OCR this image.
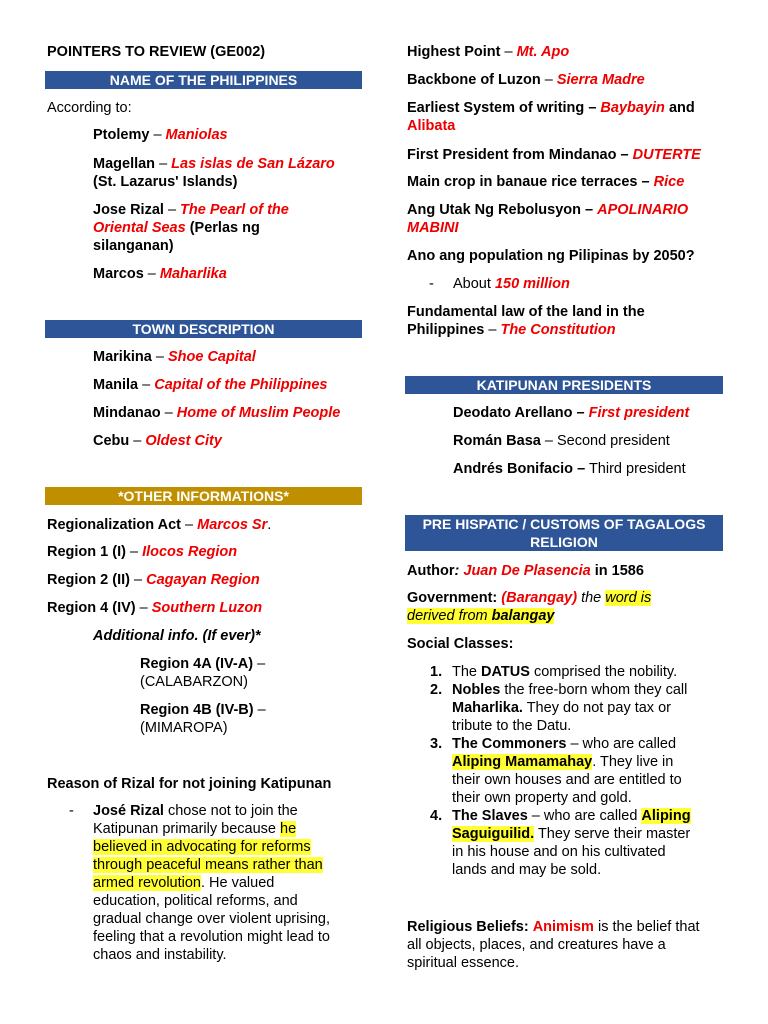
POINTERS TO REVIEW (GE002)
NAME OF THE PHILIPPINES
According to:
Ptolemy – Maniolas
Magellan – Las islas de San Lázaro
(St. Lazarus' Islands)
Jose Rizal – The Pearl of the
Oriental Seas (Perlas ng
silanganan)
Marcos – Maharlika
TOWN DESCRIPTION
Marikina – Shoe Capital
Manila – Capital of the Philippines
Mindanao – Home of Muslim People
Cebu – Oldest City
*OTHER INFORMATIONS*
Regionalization Act – Marcos Sr.
Region 1 (I) – Ilocos Region
Region 2 (II) – Cagayan Region
Region 4 (IV) – Southern Luzon
Additional info. (If ever)*
Region 4A (IV-A) –
(CALABARZON)
Region 4B (IV-B) –
(MIMAROPA)
Reason of Rizal for not joining Katipunan
- José Rizal chose not to join the
Katipunan primarily because he
believed in advocating for reforms
through peaceful means rather than
armed revolution. He valued
education, political reforms, and
gradual change over violent uprising,
feeling that a revolution might lead to
chaos and instability.
Highest Point – Mt. Apo
Backbone of Luzon – Sierra Madre
Earliest System of writing – Baybayin and
Alibata
First President from Mindanao – DUTERTE
Main crop in banaue rice terraces – Rice
Ang Utak Ng Rebolusyon – APOLINARIO
MABINI
Ano ang population ng Pilipinas by 2050?
- About 150 million
Fundamental law of the land in the
Philippines – The Constitution
KATIPUNAN PRESIDENTS
Deodato Arellano – First president
Román Basa – Second president
Andrés Bonifacio – Third president
PRE HISPATIC / CUSTOMS OF TAGALOGS
RELIGION
Author: Juan De Plasencia in 1586
Government: (Barangay) the word is
derived from balangay
Social Classes:
1. The DATUS comprised the nobility.
2. Nobles the free-born whom they call
Maharlika. They do not pay tax or
tribute to the Datu.
3. The Commoners – who are called
Aliping Mamamahay. They live in
their own houses and are entitled to
their own property and gold.
4. The Slaves – who are called Aliping
Saguiguilid. They serve their master
in his house and on his cultivated
lands and may be sold.
Religious Beliefs: Animism is the belief that
all objects, places, and creatures have a
spiritual essence.
